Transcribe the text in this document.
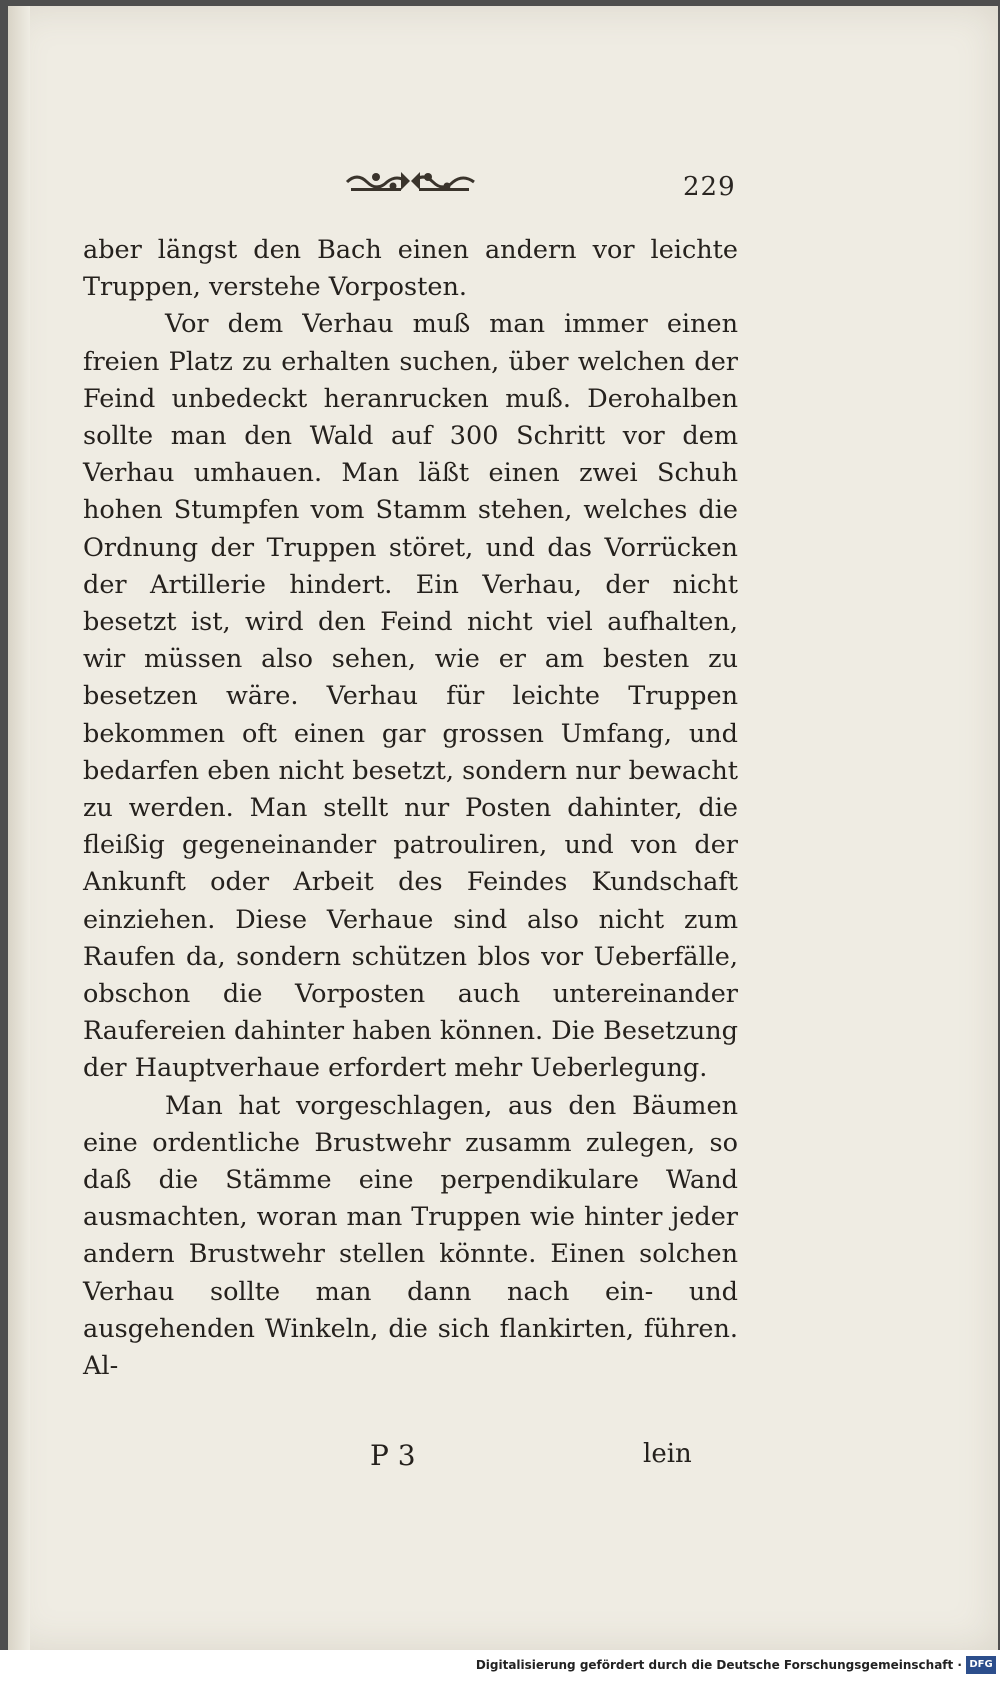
229

aber längst den Bach einen andern vor leichte Truppen, verstehe Vorposten.

Vor dem Verhau muß man immer einen freien Platz zu erhalten suchen, über welchen der Feind unbedeckt heranrucken muß. Derohalben sollte man den Wald auf 300 Schritt vor dem Verhau umhauen. Man läßt einen zwei Schuh hohen Stumpfen vom Stamm stehen, welches die Ordnung der Truppen störet, und das Vorrücken der Artillerie hindert. Ein Verhau, der nicht besetzt ist, wird den Feind nicht viel aufhalten, wir müssen also sehen, wie er am besten zu besetzen wäre. Verhau für leichte Truppen bekommen oft einen gar grossen Umfang, und bedarfen eben nicht besetzt, sondern nur bewacht zu werden. Man stellt nur Posten dahinter, die fleißig gegeneinander patrouliren, und von der Ankunft oder Arbeit des Feindes Kundschaft einziehen. Diese Verhaue sind also nicht zum Raufen da, sondern schützen blos vor Ueberfälle, obschon die Vorposten auch untereinander Raufereien dahinter haben können. Die Besetzung der Hauptverhaue erfordert mehr Ueberlegung.

Man hat vorgeschlagen, aus den Bäumen eine ordentliche Brustwehr zusamm zulegen, so daß die Stämme eine perpendikulare Wand ausmachten, woran man Truppen wie hinter jeder andern Brustwehr stellen könnte. Einen solchen Verhau sollte man dann nach ein- und ausgehenden Winkeln, die sich flankirten, führen. Al-

P 3	lein
Digitalisierung gefördert durch die Deutsche Forschungsgemeinschaft · DFG
